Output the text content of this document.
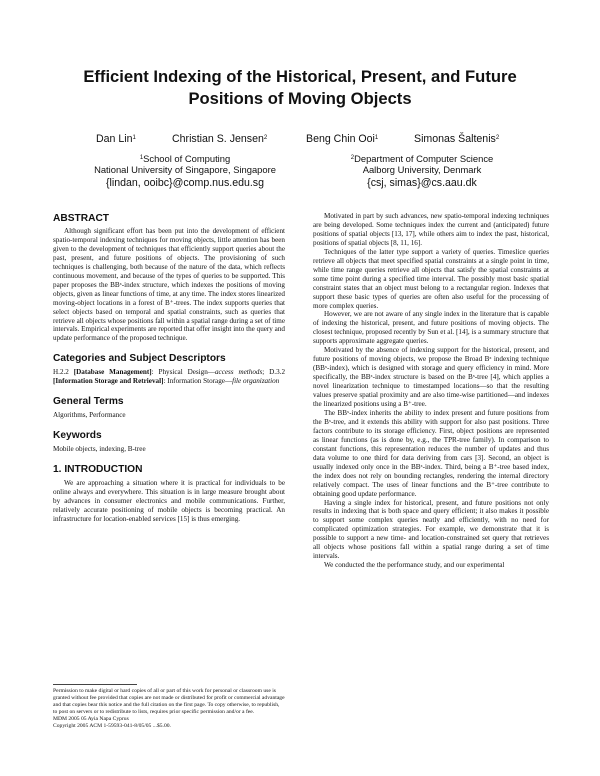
Efficient Indexing of the Historical, Present, and Future
Positions of Moving Objects
Dan Lin$^1$	Christian S. Jensen$^2$	Beng Chin Ooi$^1$	Simonas Šaltenis$^2$
$^1$School of Computing
National University of Singapore, Singapore
{lindan, ooibc}@comp.nus.edu.sg
$^2$Department of Computer Science
Aalborg University, Denmark
{csj, simas}@cs.aau.dk
ABSTRACT

Although significant effort has been put into the development of efficient spatio-temporal indexing techniques for moving objects, little attention has been given to the development of techniques that efficiently support queries about the past, present, and future positions of objects. The provisioning of such techniques is challenging, both because of the nature of the data, which reflects continuous movement, and because of the types of queries to be supported. This paper proposes the BBˣ-index structure, which indexes the positions of moving objects, given as linear functions of time, at any time. The index stores linearized moving-object locations in a forest of B⁺-trees. The index supports queries that select objects based on temporal and spatial constraints, such as queries that retrieve all objects whose positions fall within a spatial range during a set of time intervals. Empirical experiments are reported that offer insight into the query and update performance of the proposed technique.

Categories and Subject Descriptors

H.2.2 [Database Management]: Physical Design—access methods; D.3.2 [Information Storage and Retrieval]: Information Storage—file organization

General Terms

Algorithms, Performance

Keywords

Mobile objects, indexing, B-tree

1. INTRODUCTION

We are approaching a situation where it is practical for individuals to be online always and everywhere. This situation is in large measure brought about by advances in consumer electronics and mobile communications. Further, relatively accurate positioning of mobile objects is becoming practical. An infrastructure for location-enabled services [15] is thus emerging.

Permission to make digital or hard copies of all or part of this work for personal or classroom use is granted without fee provided that copies are not made or distributed for profit or commercial advantage and that copies bear this notice and the full citation on the first page. To copy otherwise, to republish, to post on servers or to redistribute to lists, requires prior specific permission and/or a fee.

MDM 2005 05 Ayia Napa Cyprus

Copyright 2005 ACM 1-59593-041-8/05/05 ...$5.00.

Motivated in part by such advances, new spatio-temporal indexing techniques are being developed. Some techniques index the current and (anticipated) future positions of spatial objects [13, 17], while others aim to index the past, historical, positions of spatial objects [8, 11, 16].

Techniques of the latter type support a variety of queries. Timeslice queries retrieve all objects that meet specified spatial constraints at a single point in time, while time range queries retrieve all objects that satisfy the spatial constraints at some time point during a specified time interval. The possibly most basic spatial constraint states that an object must belong to a rectangular region. Indexes that support these basic types of queries are often also useful for the processing of more complex queries.

However, we are not aware of any single index in the literature that is capable of indexing the historical, present, and future positions of moving objects. The closest technique, proposed recently by Sun et al. [14], is a summary structure that supports approximate aggregate queries.

Motivated by the absence of indexing support for the historical, present, and future positions of moving objects, we propose the Broad Bˣ indexing technique (BBˣ-index), which is designed with storage and query efficiency in mind. More specifically, the BBˣ-index structure is based on the Bˣ-tree [4], which applies a novel linearization technique to timestamped locations—so that the resulting values preserve spatial proximity and are also time-wise partitioned—and indexes the linearized positions using a B⁺-tree.

The BBˣ-index inherits the ability to index present and future positions from the Bˣ-tree, and it extends this ability with support for also past positions. Three factors contribute to its storage efficiency. First, object positions are represented as linear functions (as is done by, e.g., the TPR-tree family). In comparison to constant functions, this representation reduces the number of updates and thus data volume to one third for data deriving from cars [3]. Second, an object is usually indexed only once in the BBˣ-index. Third, being a B⁺-tree based index, the index does not rely on bounding rectangles, rendering the internal directory relatively compact. The uses of linear functions and the B⁺-tree contribute to obtaining good update performance.

Having a single index for historical, present, and future positions not only results in indexing that is both space and query efficient; it also makes it possible to support some complex queries neatly and efficiently, with no need for complicated optimization strategies. For example, we demonstrate that it is possible to support a new time- and location-constrained set query that retrieves all objects whose positions fall within a spatial range during a set of time intervals.

We conducted the the performance study, and our experimental
